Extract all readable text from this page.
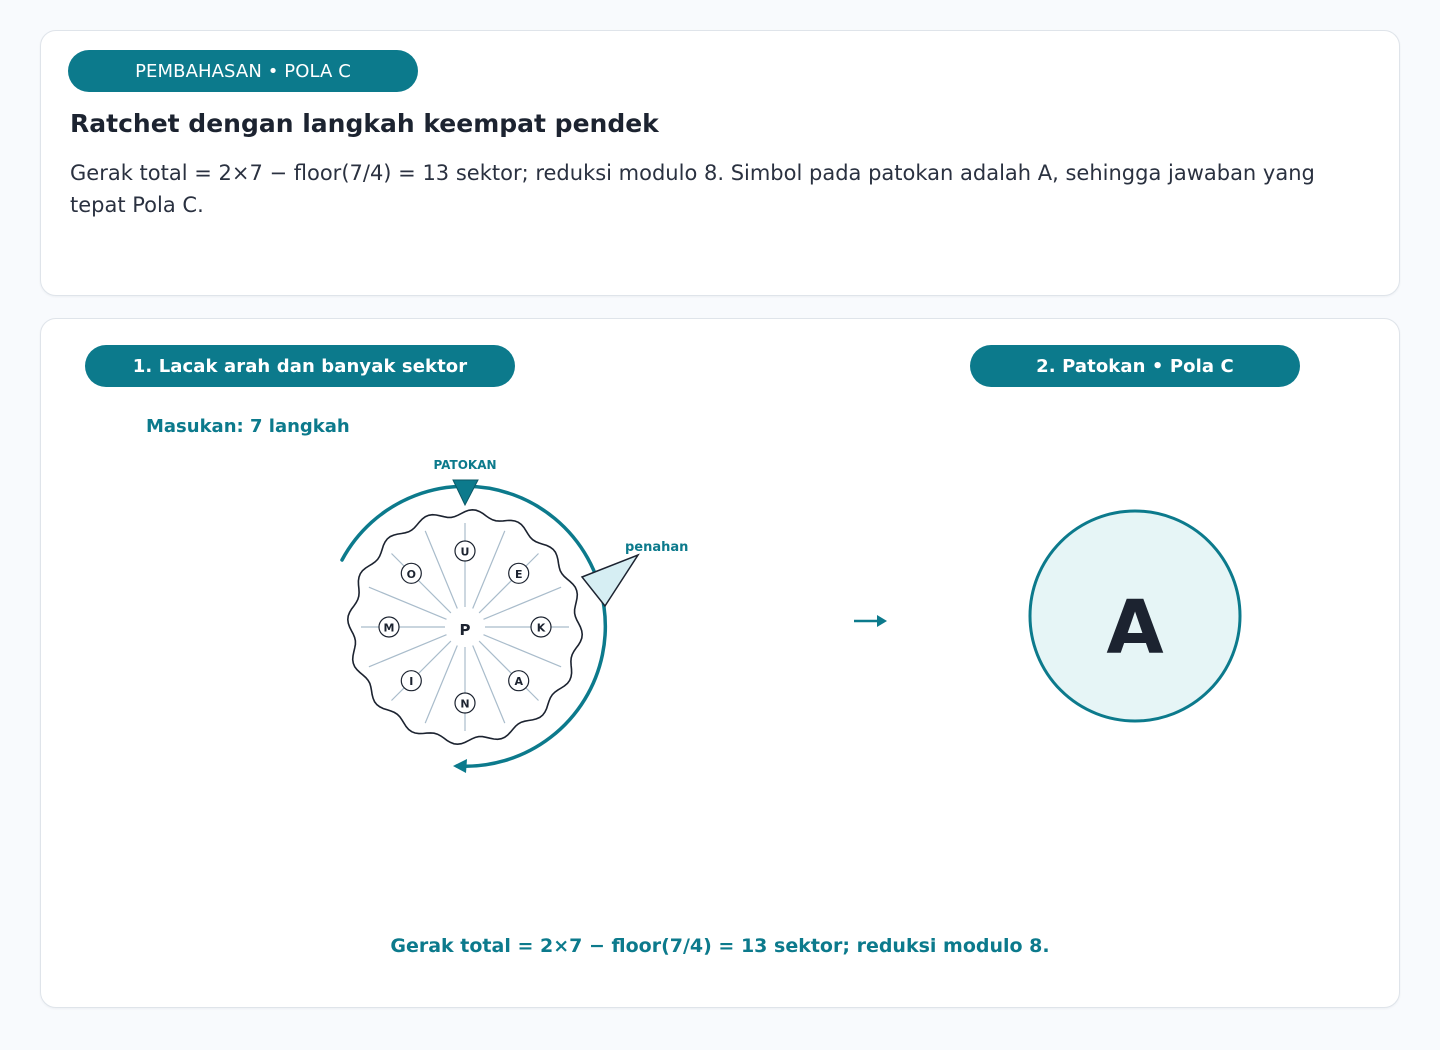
PEMBAHASAN • POLA C
Ratchet dengan langkah keempat pendek

Gerak total = 2×7 − floor(7/4) = 13 sektor; reduksi modulo 8. Simbol pada patokan adalah A, sehingga jawaban yang tepat Pola C.

1. Lacak arah dan banyak sektor	2. Patokan • Pola C
Masukan: 7 langkah
U
E
K
A
N
I
M
O
P
PATOKAN
penahan
A
Gerak total = 2×7 − floor(7/4) = 13 sektor; reduksi modulo 8.
